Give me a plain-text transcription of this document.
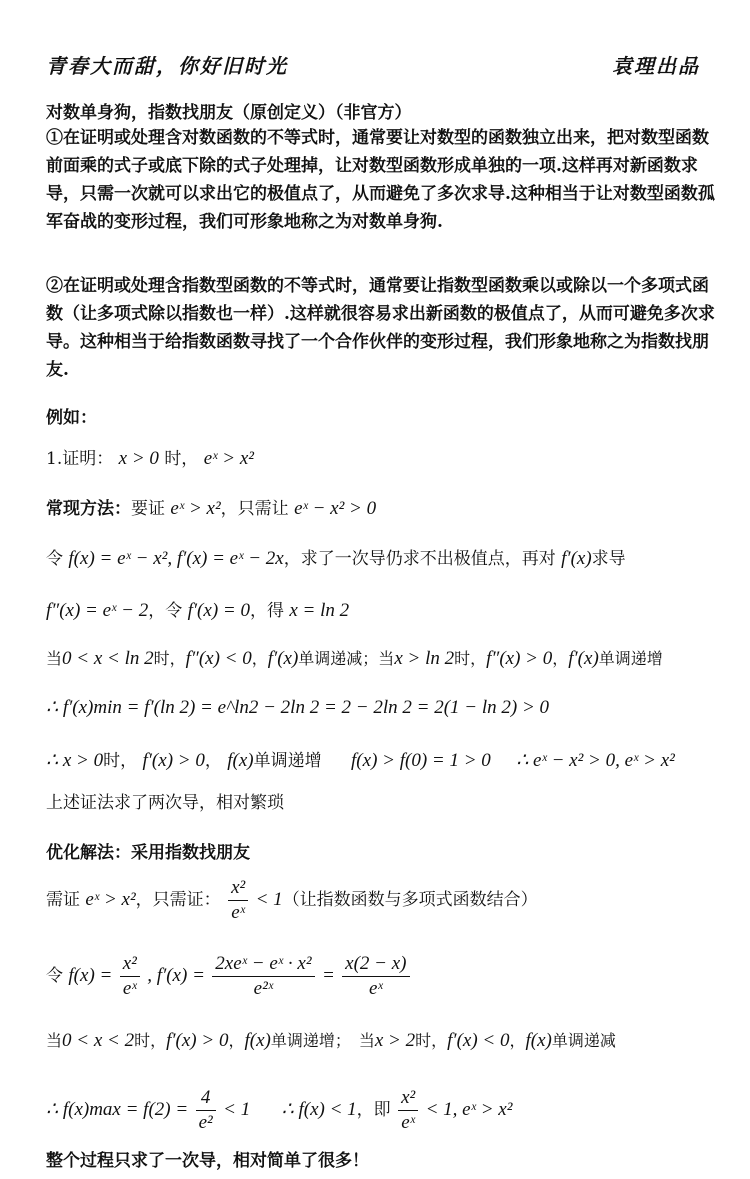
青春大而甜，你好旧时光	袁理出品
对数单身狗，指数找朋友（原创定义）（非官方）
①在证明或处理含对数函数的不等式时，通常要让对数型的函数独立出来，把对数型函数前面乘的式子或底下除的式子处理掉，让对数型函数形成单独的一项.这样再对新函数求导，只需一次就可以求出它的极值点了，从而避免了多次求导.这种相当于让对数型函数孤军奋战的变形过程，我们可形象地称之为对数单身狗.
②在证明或处理含指数型函数的不等式时，通常要让指数型函数乘以或除以一个多项式函数（让多项式除以指数也一样）.这样就很容易求出新函数的极值点了，从而可避免多次求导。这种相当于给指数函数寻找了一个合作伙伴的变形过程，我们形象地称之为指数找朋友.
例如：
1.证明： x > 0 时， eˣ > x²
常现方法：要证 eˣ > x²，只需让 eˣ − x² > 0
令 f(x) = eˣ − x², f′(x) = eˣ − 2x，求了一次导仍求不出极值点，再对 f′(x)求导
f″(x) = eˣ − 2，令 f′(x) = 0，得 x = ln 2
当0 < x < ln 2时，f″(x) < 0，f′(x)单调递减；当x > ln 2时，f″(x) > 0，f′(x)单调递增
∴ f′(x)min = f′(ln 2) = e^ln2 − 2ln 2 = 2 − 2ln 2 = 2(1 − ln 2) > 0
∴ x > 0时， f′(x) > 0， f(x)单调递增 f(x) > f(0) = 1 > 0 ∴ eˣ − x² > 0, eˣ > x²
上述证法求了两次导，相对繁琐
优化解法：采用指数找朋友
需证 eˣ > x²，只需证： $\frac{\text{x²}}{\text{eˣ}} < 1$（让指数函数与多项式函数结合）
令 $f(x) = \frac{\text{x²}}{\text{eˣ}}$ , $f'(x) = \frac{\text{2xeˣ − eˣ · x²}}{\text{e²ˣ}} = \frac{x(2 - x)}{\text{eˣ}}$
当0 < x < 2时，f′(x) > 0，f(x)单调递增；　当x > 2时，f′(x) < 0，f(x)单调递减
∴ $f(x)\max = f(2) = \frac{4}{\text{e²}} < 1$ ∴ f(x) < 1，即 $\frac{\text{x²}}{\text{eˣ}} < 1$, eˣ > x²
整个过程只求了一次导，相对简单了很多！
